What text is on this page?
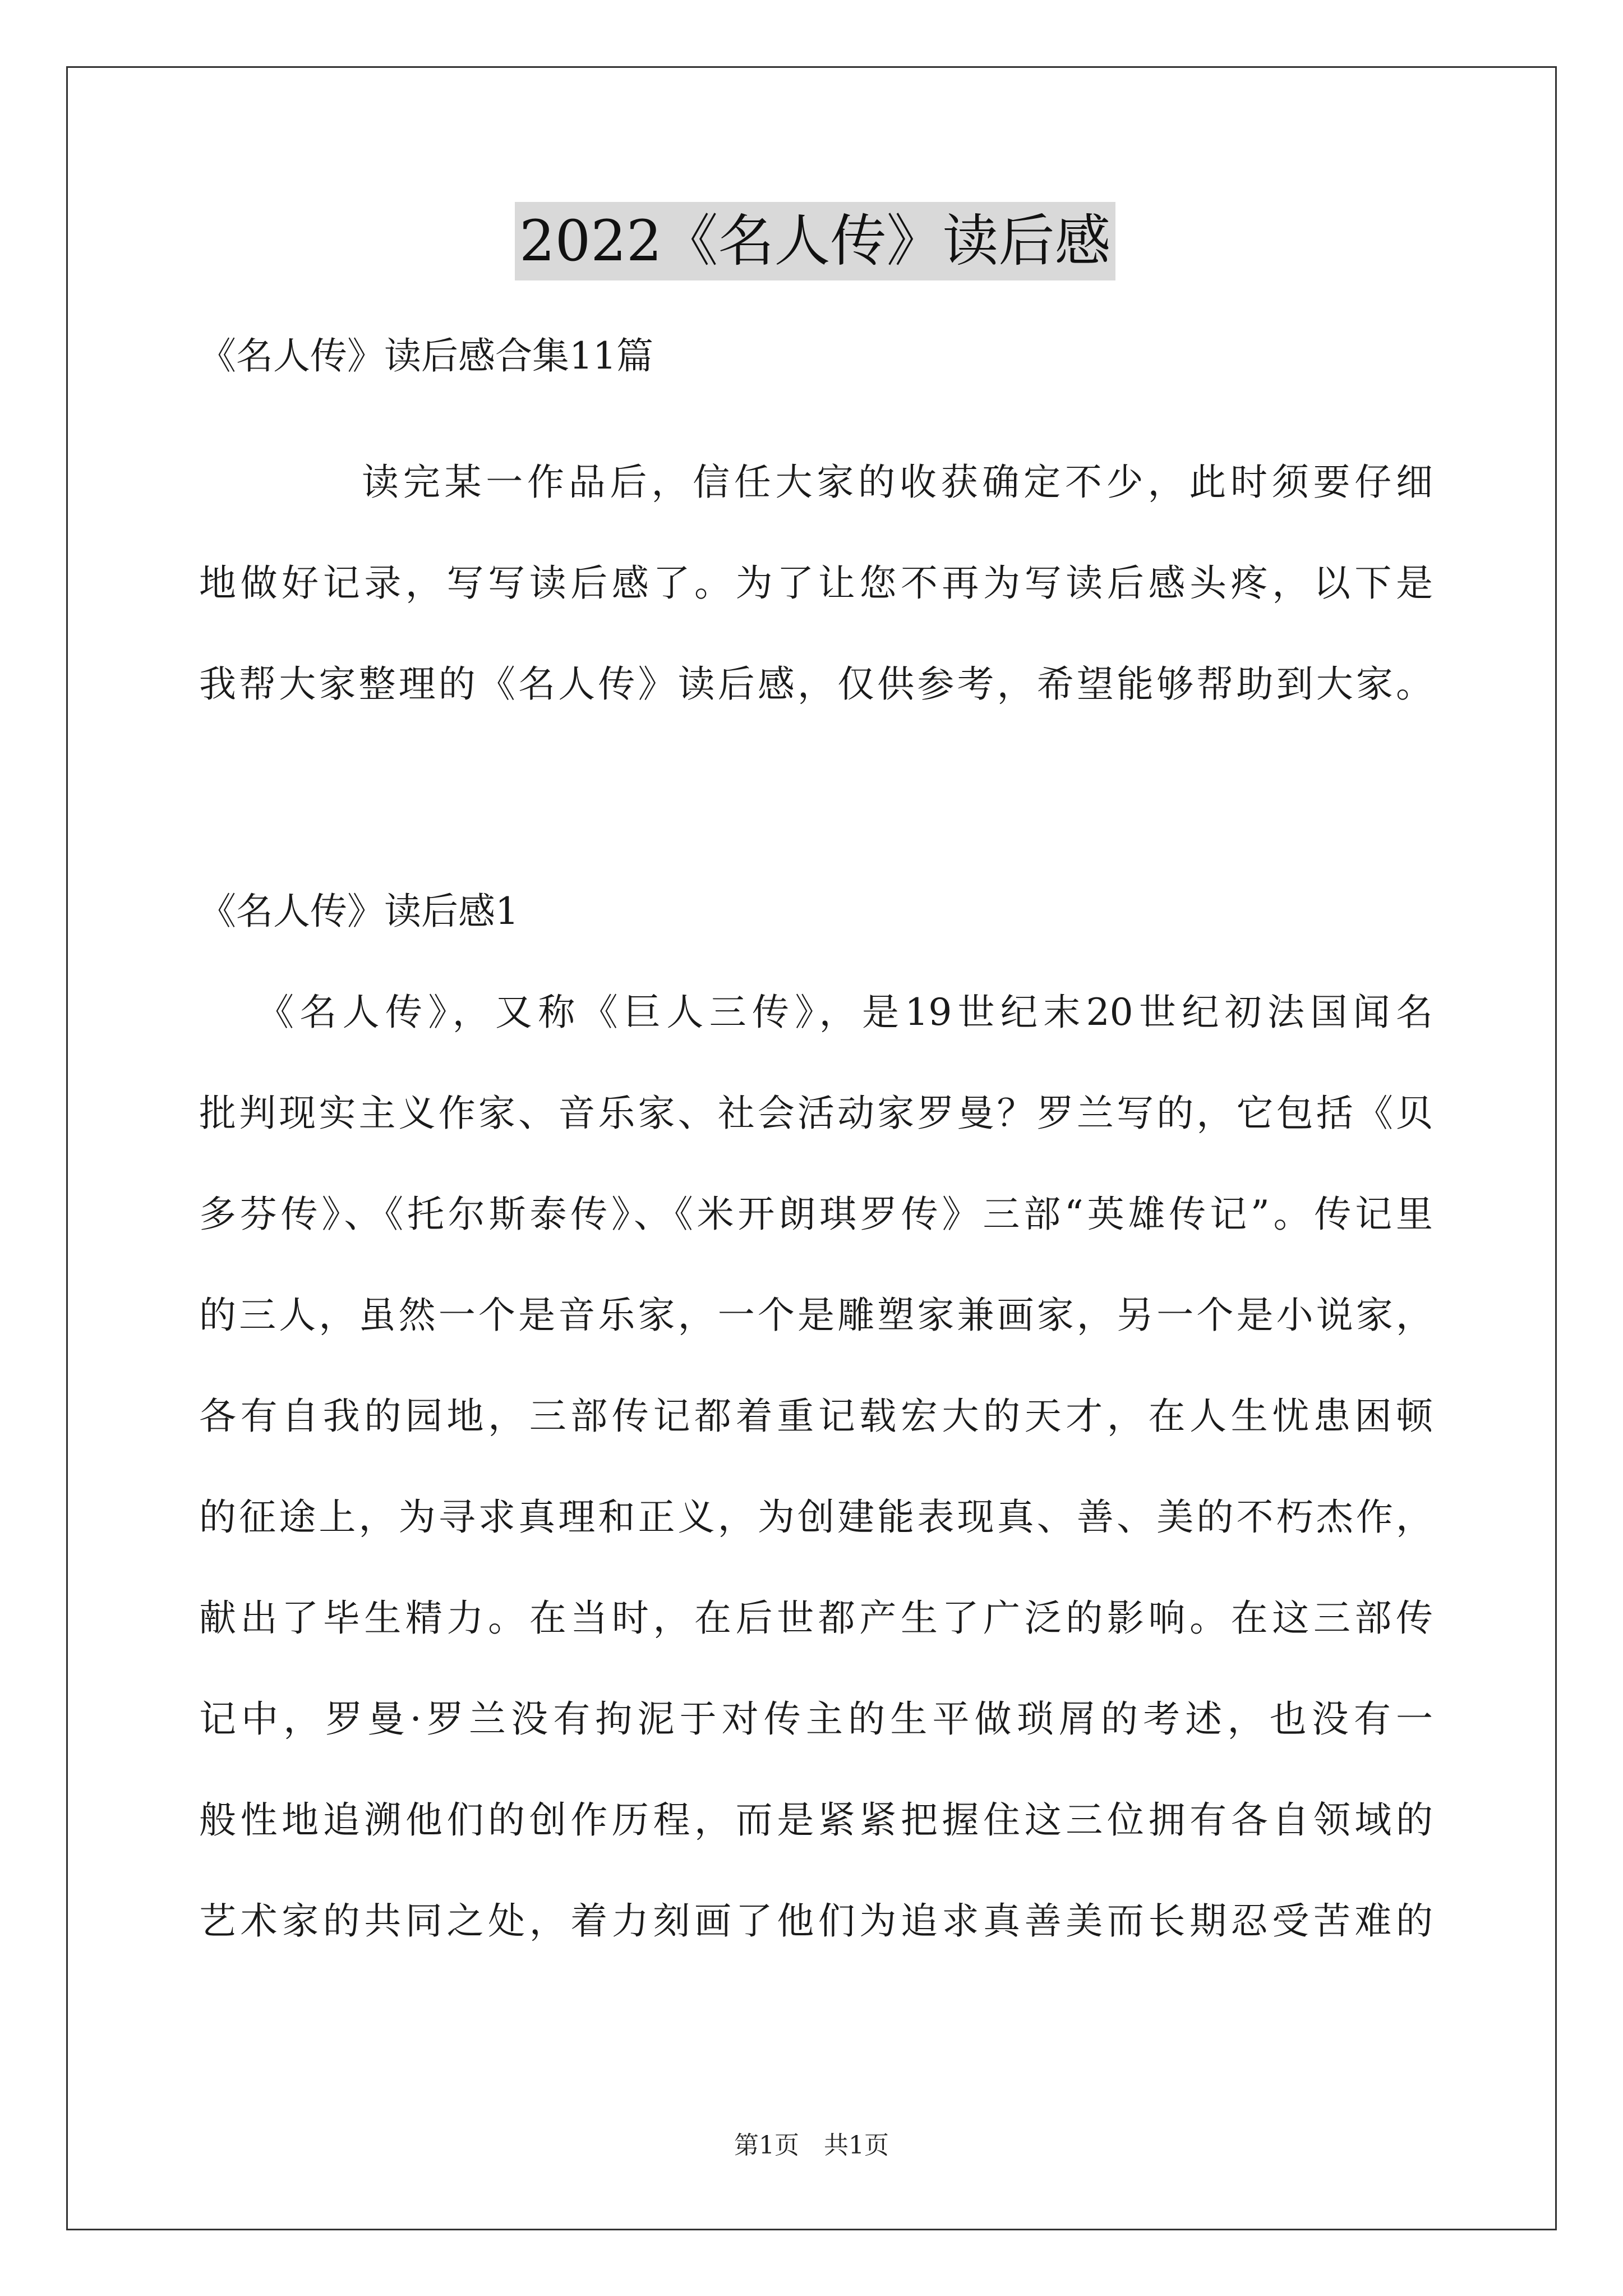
2022《名人传》读后感
《名人传》读后感合集11篇
读完某一作品后，信任大家的收获确定不少，此时须要仔细
地做好记录，写写读后感了。为了让您不再为写读后感头疼，以下是
我帮大家整理的《名人传》读后感，仅供参考，希望能够帮助到大家。
《名人传》读后感1
《名人传》，又称《巨人三传》，是19世纪末20世纪初法国闻名
批判现实主义作家、音乐家、社会活动家罗曼？罗兰写的，它包括《贝
多芬传》、《托尔斯泰传》、《米开朗琪罗传》三部“英雄传记”。传记里
的三人，虽然一个是音乐家，一个是雕塑家兼画家，另一个是小说家，
各有自我的园地，三部传记都着重记载宏大的天才，在人生忧患困顿
的征途上，为寻求真理和正义，为创建能表现真、善、美的不朽杰作，
献出了毕生精力。在当时，在后世都产生了广泛的影响。在这三部传
记中，罗曼·罗兰没有拘泥于对传主的生平做琐屑的考述，也没有一
般性地追溯他们的创作历程，而是紧紧把握住这三位拥有各自领域的
艺术家的共同之处，着力刻画了他们为追求真善美而长期忍受苦难的
第1页 共1页
